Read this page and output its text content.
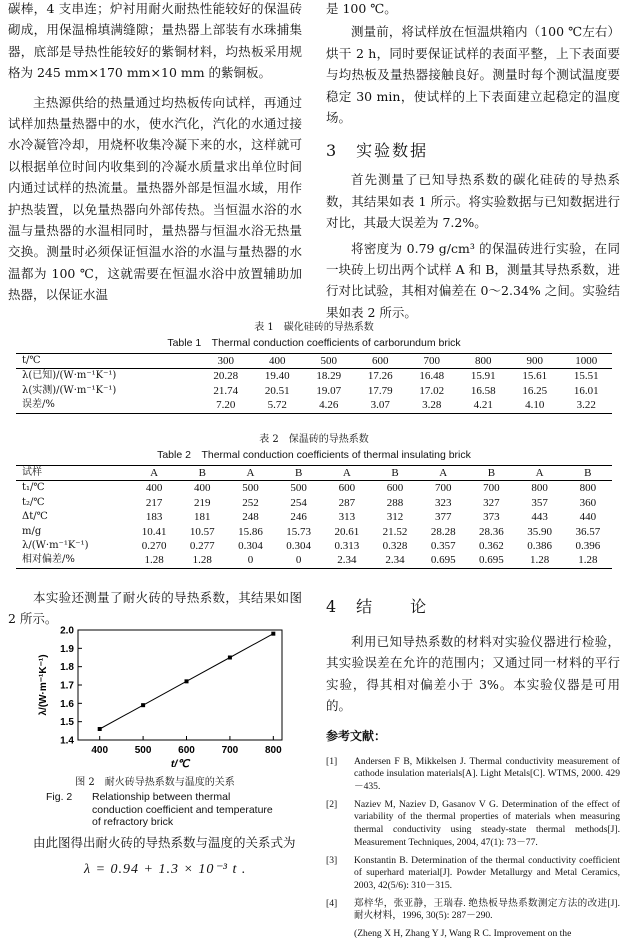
碳棒，4 支串连；炉衬用耐火耐热性能较好的保温砖砌成，用保温棉填满缝隙；量热器上部装有水珠捕集器，底部是导热性能较好的紫铜材料，均热板采用规格为 245 mm×170 mm×10 mm 的紫铜板。

主热源供给的热量通过均热板传向试样，再通过试样加热量热器中的水，使水汽化，汽化的水通过接水冷凝管冷却，用烧杯收集冷凝下来的水，这样就可以根据单位时间内收集到的冷凝水质量求出单位时间内通过试样的热流量。量热器外部是恒温水域，用作护热装置，以免量热器向外部传热。当恒温水浴的水温与量热器的水温相同时，量热器与恒温水浴无热量交换。测量时必须保证恒温水浴的水温与量热器的水温都为 100 ℃，这就需要在恒温水浴中放置辅助加热器，以保证水温

是 100 ℃。

测量前，将试样放在恒温烘箱内（100 ℃左右）烘干 2 h，同时要保证试样的表面平整，上下表面要与均热板及量热器接触良好。测量时每个测试温度要稳定 30 min，使试样的上下表面建立起稳定的温度场。

3　实验数据

首先测量了已知导热系数的碳化硅砖的导热系数，其结果如表 1 所示。将实验数据与已知数据进行对比，其最大误差为 7.2%。

将密度为 0.79 g/cm³ 的保温砖进行实验，在同一块砖上切出两个试样 A 和 B，测量其导热系数，进行对比试验，其相对偏差在 0～2.34% 之间。实验结果如表 2 所示。

表 1　碳化硅砖的导热系数

Table 1　Thermal conduction coefficients of carborundum brick

t/℃	300	400	500	600	700	800	900	1000
λ(已知)/(W·m⁻¹K⁻¹)	20.28	19.40	18.29	17.26	16.48	15.91	15.61	15.51
λ(实测)/(W·m⁻¹K⁻¹)	21.74	20.51	19.07	17.79	17.02	16.58	16.25	16.01
误差/%	7.20	5.72	4.26	3.07	3.28	4.21	4.10	3.22

表 2　保温砖的导热系数

Table 2　Thermal conduction coefficients of thermal insulating brick

试样	A	B	A	B	A	B	A	B	A	B
t₁/℃	400	400	500	500	600	600	700	700	800	800
t₂/℃	217	219	252	254	287	288	323	327	357	360
Δt/℃	183	181	248	246	313	312	377	373	443	440
m/g	10.41	10.57	15.86	15.73	20.61	21.52	28.28	28.36	35.90	36.57
λ/(W·m⁻¹K⁻¹)	0.270	0.277	0.304	0.304	0.313	0.328	0.357	0.362	0.386	0.396
相对偏差/%	1.28	1.28	0	0	2.34	2.34	0.695	0.695	1.28	1.28

本实验还测量了耐火砖的导热系数，其结果如图 2 所示。

400	500	600	700	800
1.4
1.5
1.6
1.7
1.8
1.9
2.0
t/℃
λ/(W·m⁻¹K⁻¹)

图 2　耐火砖导热系数与温度的关系

Fig. 2	Relationship between thermal conduction coefficient and temperature of refractory brick

由此图得出耐火砖的导热系数与温度的关系式为

λ = 0.94 + 1.3 × 10⁻³ t .

4　结　　论

利用已知导热系数的材料对实验仪器进行检验，其实验误差在允许的范围内；又通过同一材料的平行实验，得其相对偏差小于 3%。本实验仪器是可用的。

参考文献：

[1]	Andersen F B, Mikkelsen J. Thermal conductivity measurement of cathode insulation materials[A]. Light Metals[C]. WTMS, 2000. 429－435.
[2]	Naziev M, Naziev D, Gasanov V G. Determination of the effect of variability of the thermal properties of materials when measuring thermal conductivity using steady-state thermal methods[J]. Measurement Techniques, 2004, 47(1): 73－77.
[3]	Konstantin B. Determination of the thermal conductivity coefficient of superhard material[J]. Powder Metallurgy and Metal Ceramics, 2003, 42(5/6): 310－315.
[4]	郑梓华，张亚静，王瑞春. 绝热板导热系数测定方法的改进[J]. 耐火材料，1996, 30(5): 287－290.
(Zheng X H, Zhang Y J, Wang R C. Improvement on the
